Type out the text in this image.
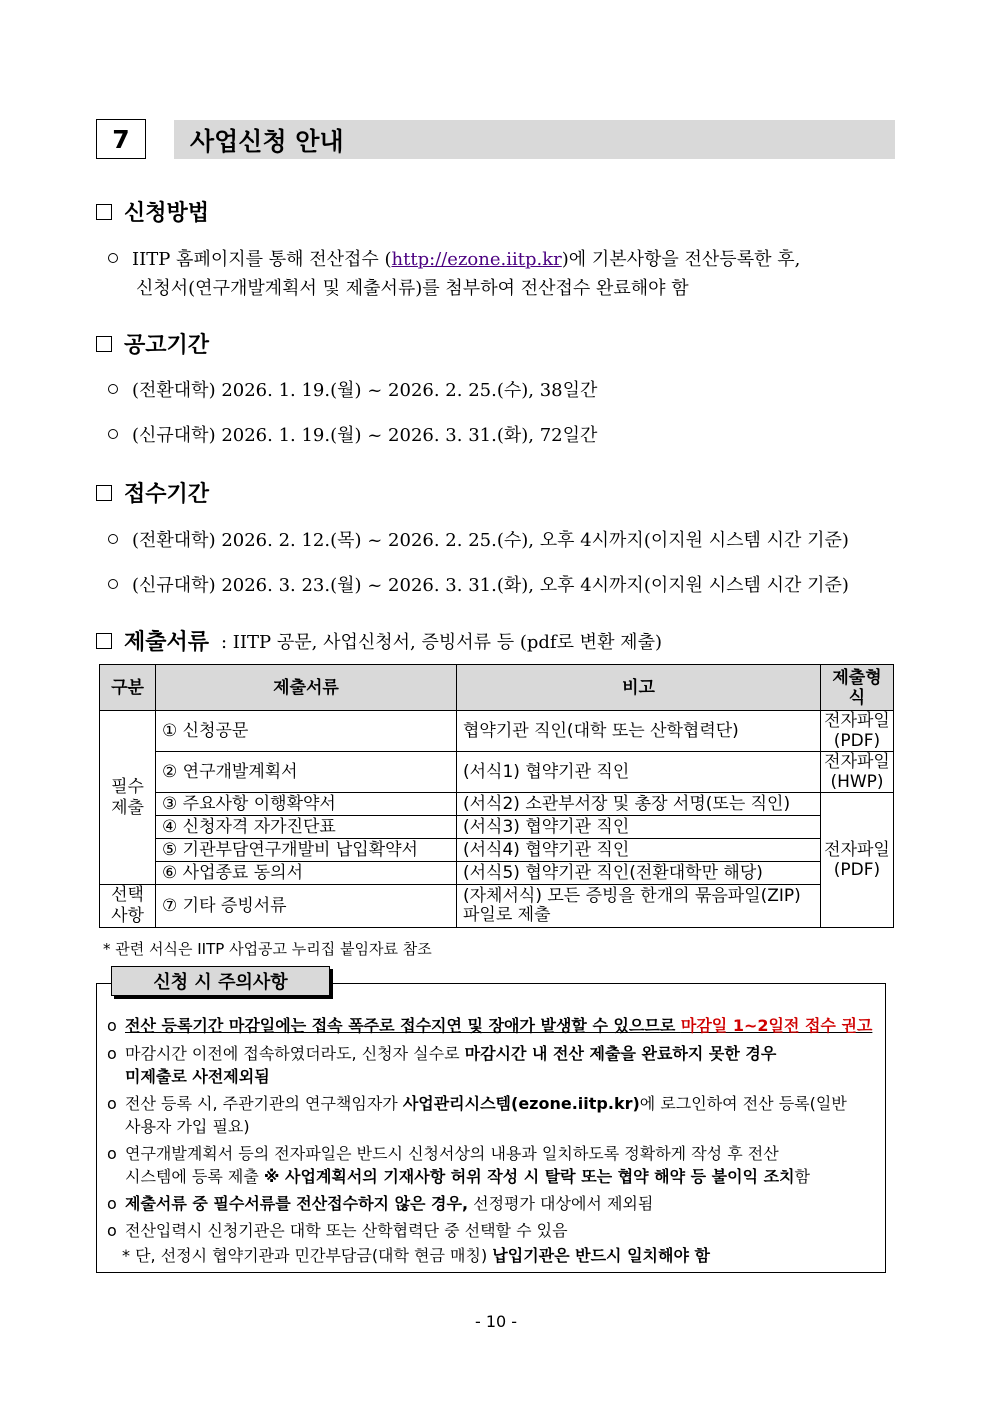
7	사업신청 안내
신청방법
IITP 홈페이지를 통해 전산접수 (http://ezone.iitp.kr)에 기본사항을 전산등록한 후,
신청서(연구개발계획서 및 제출서류)를 첨부하여 전산접수 완료해야 함
공고기간
(전환대학) 2026. 1. 19.(월) ~ 2026. 2. 25.(수), 38일간
(신규대학) 2026. 1. 19.(월) ~ 2026. 3. 31.(화), 72일간
접수기간
(전환대학) 2026. 2. 12.(목) ~ 2026. 2. 25.(수), 오후 4시까지(이지원 시스템 시간 기준)
(신규대학) 2026. 3. 23.(월) ~ 2026. 3. 31.(화), 오후 4시까지(이지원 시스템 시간 기준)
제출서류 : IITP 공문, 사업신청서, 증빙서류 등 (pdf로 변환 제출)
구분	제출서류	비고	제출형식
필수제출	① 신청공문	협약기관 직인(대학 또는 산학협력단)	전자파일(PDF)
	② 연구개발계획서	(서식1) 협약기관 직인	전자파일(HWP)
	③ 주요사항 이행확약서	(서식2) 소관부서장 및 총장 서명(또는 직인)	전자파일(PDF)
	④ 신청자격 자가진단표	(서식3) 협약기관 직인	
	⑤ 기관부담연구개발비 납입확약서	(서식4) 협약기관 직인	
	⑥ 사업종료 동의서	(서식5) 협약기관 직인(전환대학만 해당)	
선택사항	⑦ 기타 증빙서류	(자체서식) 모든 증빙을 한개의 묶음파일(ZIP) 파일로 제출	
* 관련 서식은 IITP 사업공고 누리집 붙임자료 참조
신청 시 주의사항
o 전산 등록기간 마감일에는 접속 폭주로 접수지연 및 장애가 발생할 수 있으므로 마감일 1~2일전 접수 권고
o 마감시간 이전에 접속하였더라도, 신청자 실수로 마감시간 내 전산 제출을 완료하지 못한 경우
미제출로 사전제외됨
o 전산 등록 시, 주관기관의 연구책임자가 사업관리시스템(ezone.iitp.kr)에 로그인하여 전산 등록(일반
사용자 가입 필요)
o 연구개발계획서 등의 전자파일은 반드시 신청서상의 내용과 일치하도록 정확하게 작성 후 전산
시스템에 등록 제출 ※ 사업계획서의 기재사항 허위 작성 시 탈락 또는 협약 해약 등 불이익 조치함
o 제출서류 중 필수서류를 전산접수하지 않은 경우, 선정평가 대상에서 제외됨
o 전산입력시 신청기관은 대학 또는 산학협력단 중 선택할 수 있음
* 단, 선정시 협약기관과 민간부담금(대학 현금 매칭) 납입기관은 반드시 일치해야 함
- 10 -
